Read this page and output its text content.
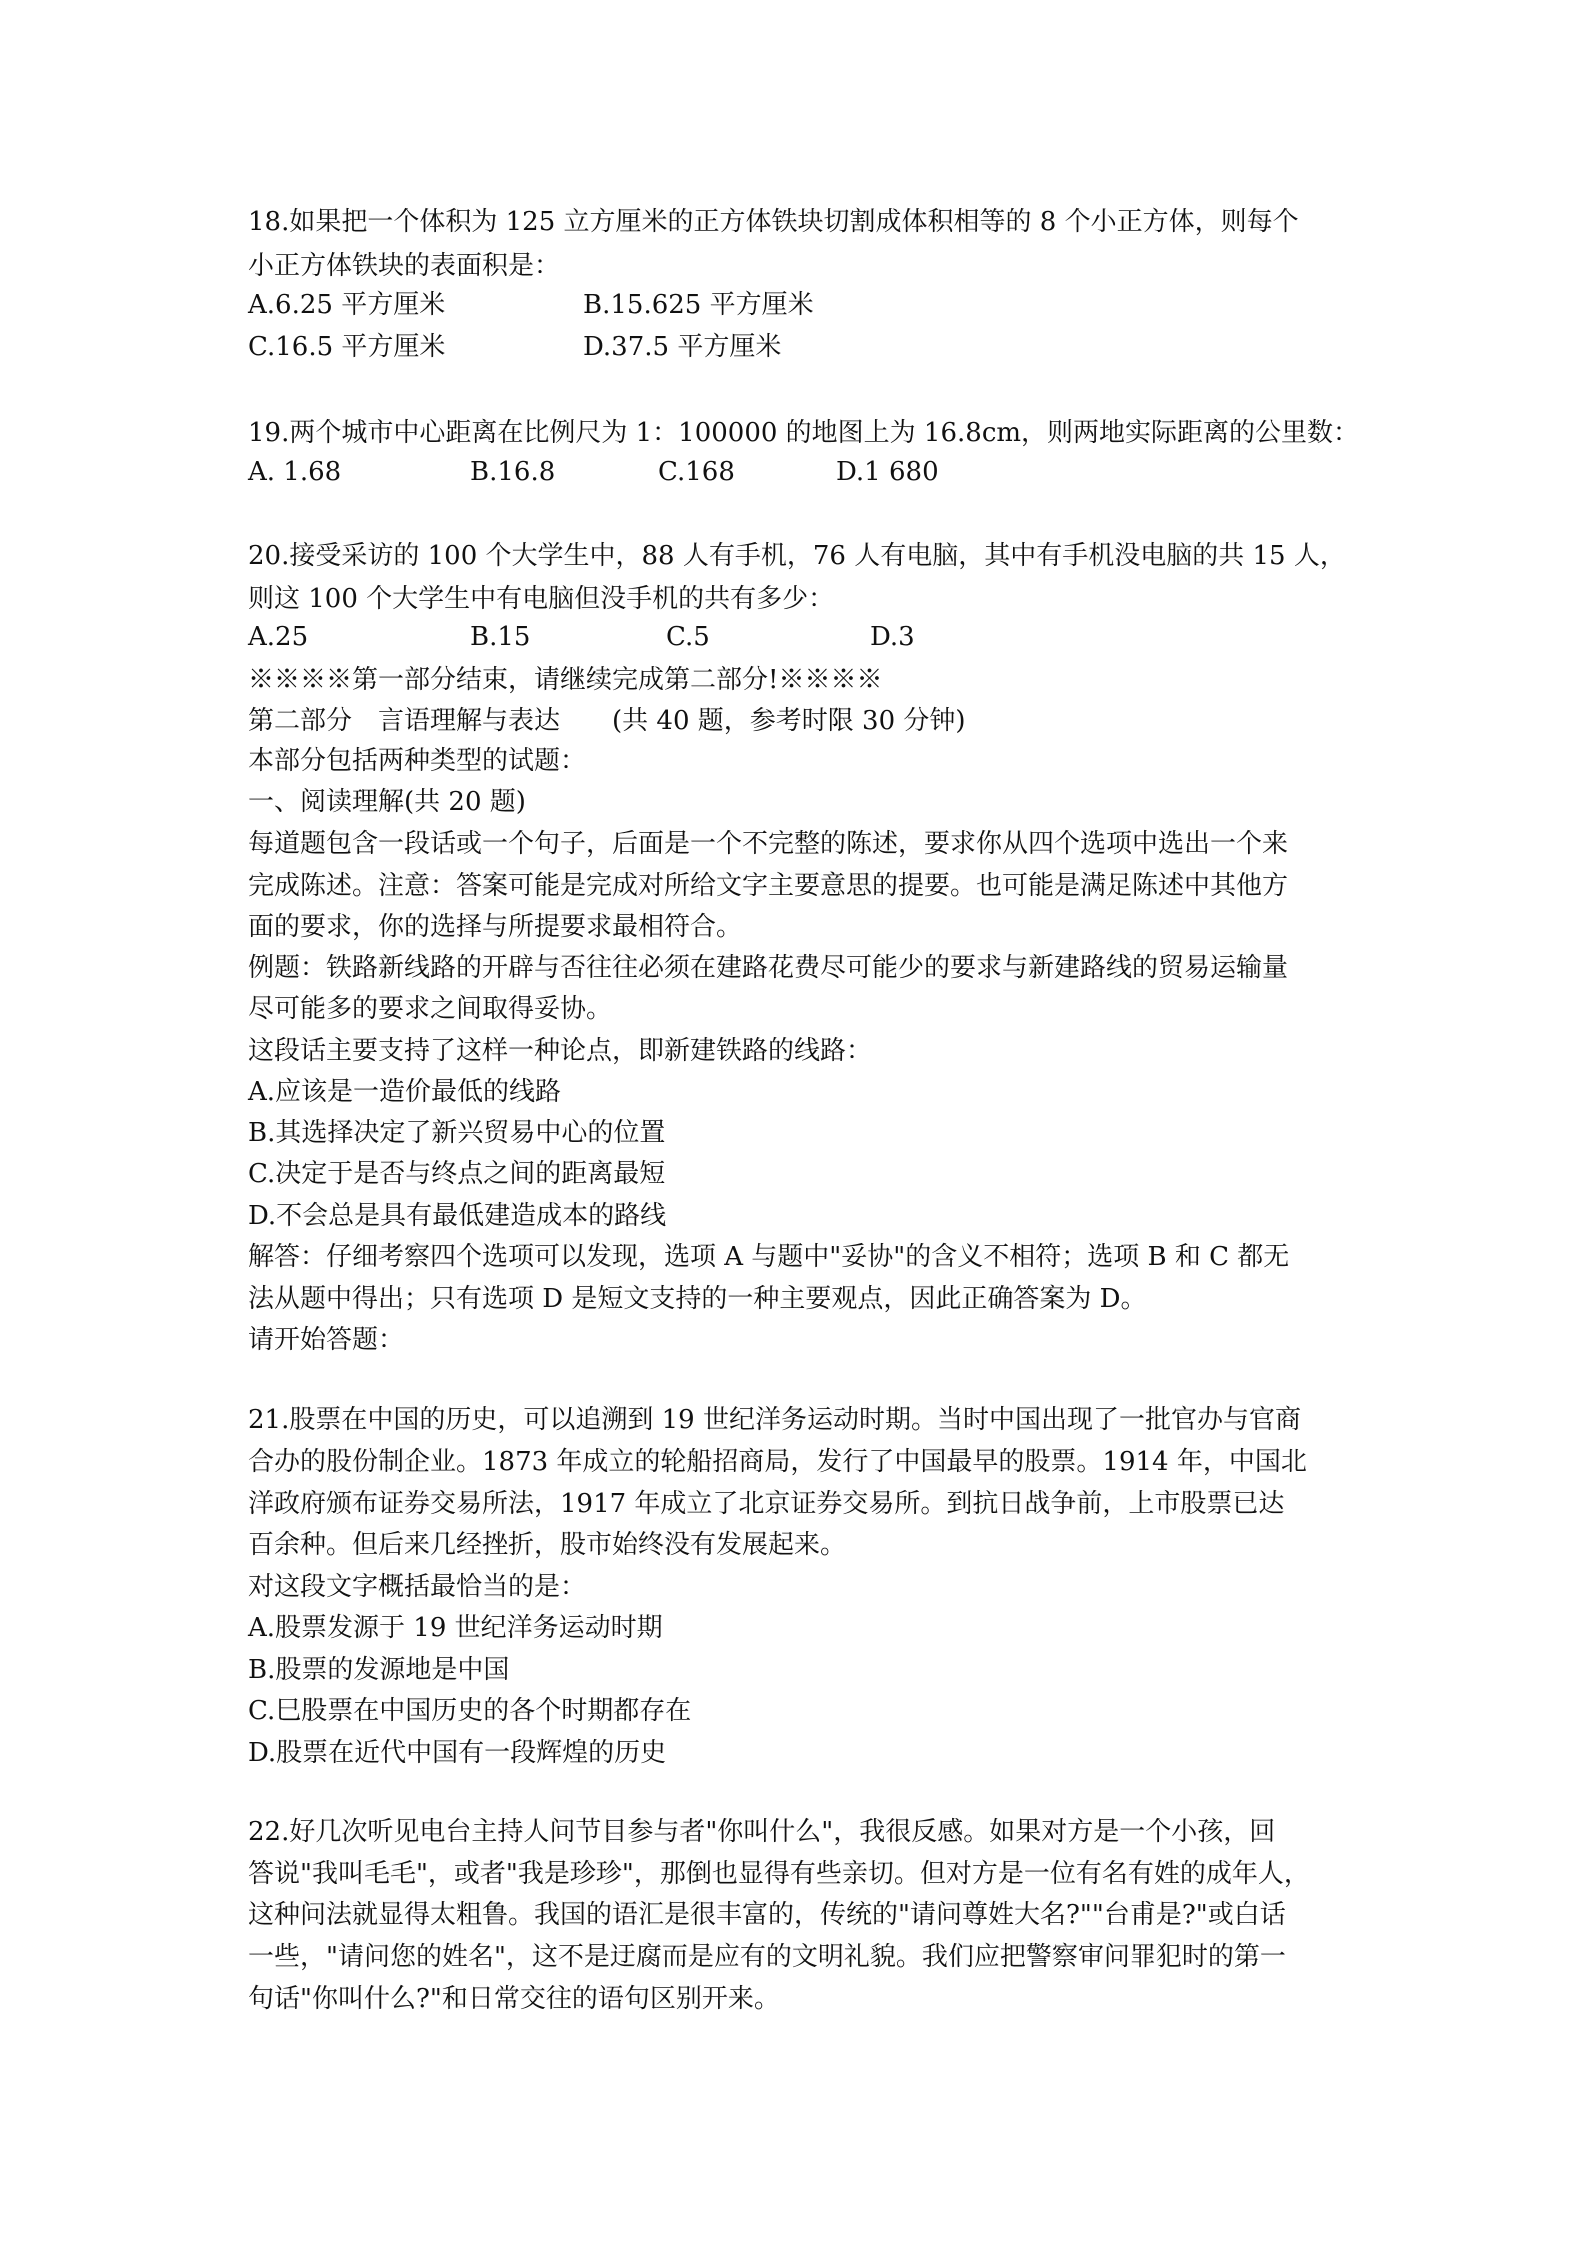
18.如果把一个体积为 125 立方厘米的正方体铁块切割成体积相等的 8 个小正方体，则每个
小正方体铁块的表面积是：
A.6.25 平方厘米	B.15.625 平方厘米
C.16.5 平方厘米	D.37.5 平方厘米
19.两个城市中心距离在比例尺为 1：100000 的地图上为 16.8cm，则两地实际距离的公里数：
A. 1.68	B.16.8	C.168	D.1 680
20.接受采访的 100 个大学生中，88 人有手机，76 人有电脑，其中有手机没电脑的共 15 人，
则这 100 个大学生中有电脑但没手机的共有多少：
A.25	B.15	C.5	D.3
※※※※第一部分结束，请继续完成第二部分!※※※※
第二部分　言语理解与表达　　(共 40 题，参考时限 30 分钟)
本部分包括两种类型的试题：
一、阅读理解(共 20 题)
每道题包含一段话或一个句子，后面是一个不完整的陈述，要求你从四个选项中选出一个来
完成陈述。注意：答案可能是完成对所给文字主要意思的提要。也可能是满足陈述中其他方
面的要求，你的选择与所提要求最相符合。
例题：铁路新线路的开辟与否往往必须在建路花费尽可能少的要求与新建路线的贸易运输量
尽可能多的要求之间取得妥协。
这段话主要支持了这样一种论点，即新建铁路的线路：
A.应该是一造价最低的线路
B.其选择决定了新兴贸易中心的位置
C.决定于是否与终点之间的距离最短
D.不会总是具有最低建造成本的路线
解答：仔细考察四个选项可以发现，选项 A 与题中"妥协"的含义不相符；选项 B 和 C 都无
法从题中得出；只有选项 D 是短文支持的一种主要观点，因此正确答案为 D。
请开始答题：
21.股票在中国的历史，可以追溯到 19 世纪洋务运动时期。当时中国出现了一批官办与官商
合办的股份制企业。1873 年成立的轮船招商局，发行了中国最早的股票。1914 年，中国北
洋政府颁布证券交易所法，1917 年成立了北京证券交易所。到抗日战争前，上市股票已达
百余种。但后来几经挫折，股市始终没有发展起来。
对这段文字概括最恰当的是：
A.股票发源于 19 世纪洋务运动时期
B.股票的发源地是中国
C.巳股票在中国历史的各个时期都存在
D.股票在近代中国有一段辉煌的历史
22.好几次听见电台主持人问节目参与者"你叫什么"，我很反感。如果对方是一个小孩，回
答说"我叫毛毛"，或者"我是珍珍"，那倒也显得有些亲切。但对方是一位有名有姓的成年人，
这种问法就显得太粗鲁。我国的语汇是很丰富的，传统的"请问尊姓大名?""台甫是?"或白话
一些，"请问您的姓名"，这不是迂腐而是应有的文明礼貌。我们应把警察审问罪犯时的第一
句话"你叫什么?"和日常交往的语句区别开来。
